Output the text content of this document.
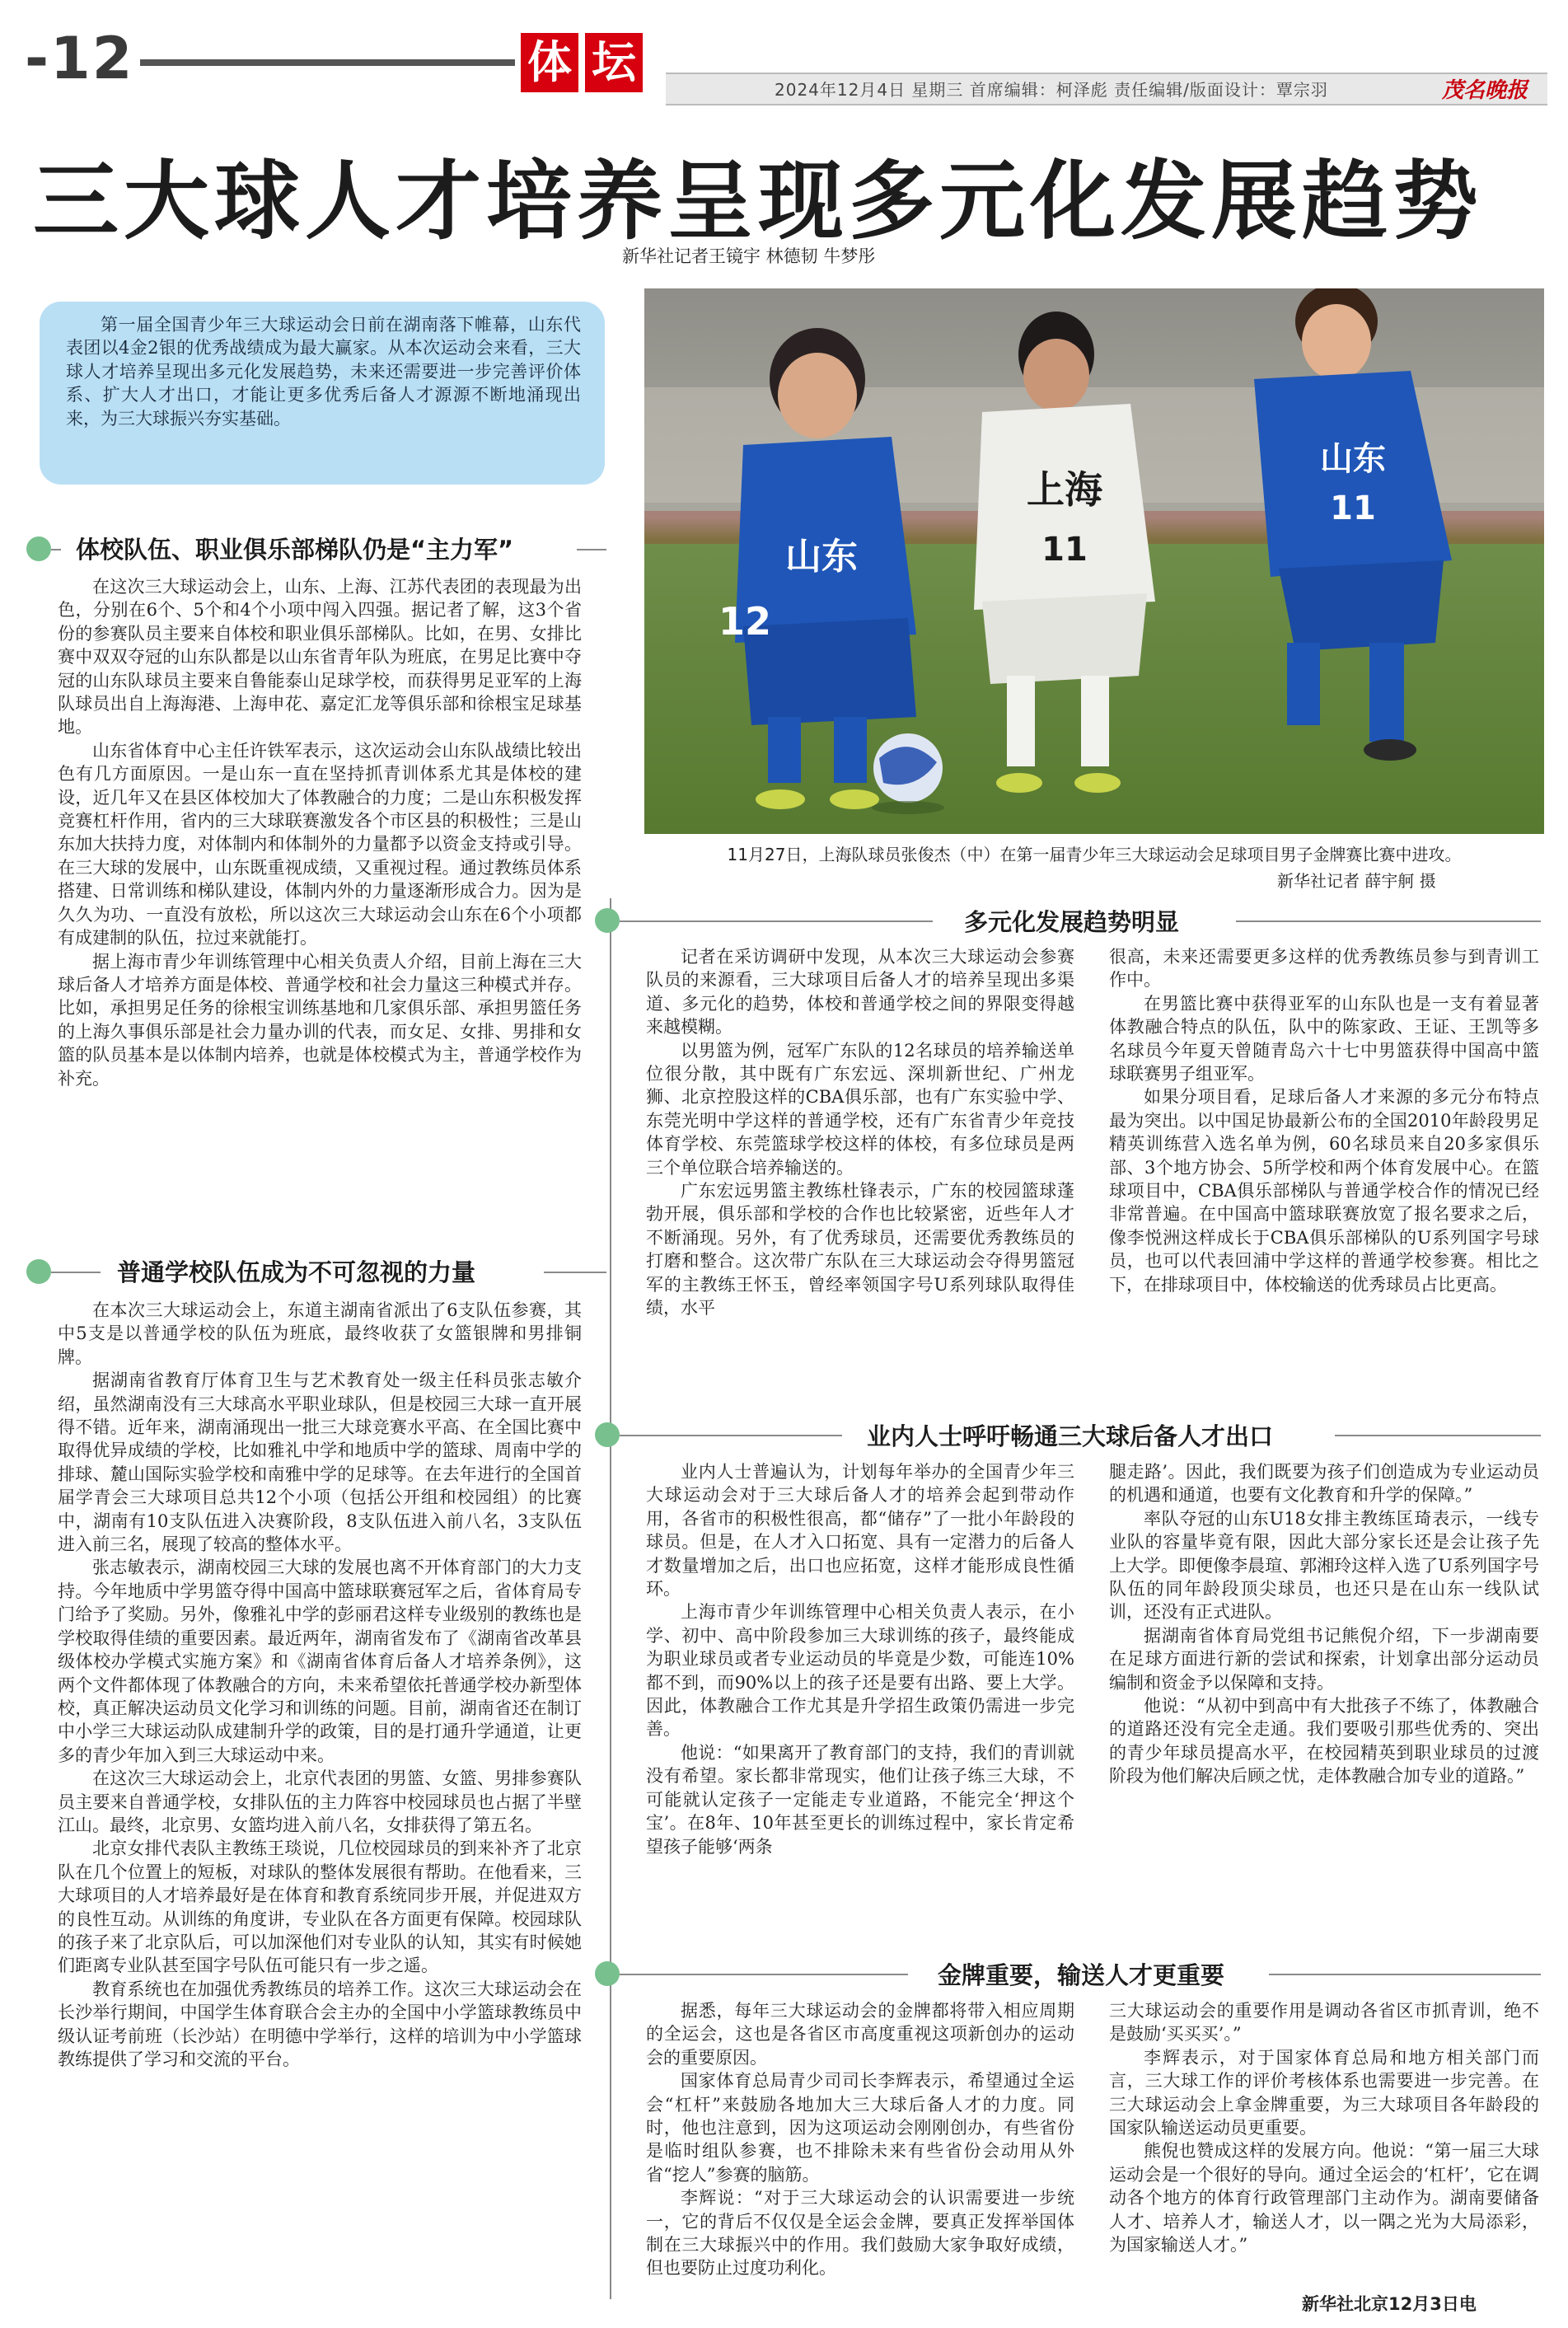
-12	体 坛
2024年12月4日 星期三 首席编辑：柯泽彪 责任编辑/版面设计：覃宗羽	茂名晚报
三大球人才培养呈现多元化发展趋势
新华社记者王镜宇 林德韧 牛梦彤
第一届全国青少年三大球运动会日前在湖南落下帷幕，山东代表团以4金2银的优秀战绩成为最大赢家。从本次运动会来看，三大球人才培养呈现出多元化发展趋势，未来还需要进一步完善评价体系、扩大人才出口，才能让更多优秀后备人才源源不断地涌现出来，为三大球振兴夯实基础。
山东
12
上海
11
山东
11
11月27日，上海队球员张俊杰（中）在第一届青少年三大球运动会足球项目男子金牌赛比赛中进攻。
新华社记者 薛宇舸 摄
体校队伍、职业俱乐部梯队仍是“主力军”

在这次三大球运动会上，山东、上海、江苏代表团的表现最为出色，分别在6个、5个和4个小项中闯入四强。据记者了解，这3个省份的参赛队员主要来自体校和职业俱乐部梯队。比如，在男、女排比赛中双双夺冠的山东队都是以山东省青年队为班底，在男足比赛中夺冠的山东队球员主要来自鲁能泰山足球学校，而获得男足亚军的上海队球员出自上海海港、上海申花、嘉定汇龙等俱乐部和徐根宝足球基地。

山东省体育中心主任许铁军表示，这次运动会山东队战绩比较出色有几方面原因。一是山东一直在坚持抓青训体系尤其是体校的建设，近几年又在县区体校加大了体教融合的力度；二是山东积极发挥竞赛杠杆作用，省内的三大球联赛激发各个市区县的积极性；三是山东加大扶持力度，对体制内和体制外的力量都予以资金支持或引导。在三大球的发展中，山东既重视成绩，又重视过程。通过教练员体系搭建、日常训练和梯队建设，体制内外的力量逐渐形成合力。因为是久久为功、一直没有放松，所以这次三大球运动会山东在6个小项都有成建制的队伍，拉过来就能打。

据上海市青少年训练管理中心相关负责人介绍，目前上海在三大球后备人才培养方面是体校、普通学校和社会力量这三种模式并存。比如，承担男足任务的徐根宝训练基地和几家俱乐部、承担男篮任务的上海久事俱乐部是社会力量办训的代表，而女足、女排、男排和女篮的队员基本是以体制内培养，也就是体校模式为主，普通学校作为补充。

普通学校队伍成为不可忽视的力量

在本次三大球运动会上，东道主湖南省派出了6支队伍参赛，其中5支是以普通学校的队伍为班底，最终收获了女篮银牌和男排铜牌。

据湖南省教育厅体育卫生与艺术教育处一级主任科员张志敏介绍，虽然湖南没有三大球高水平职业球队，但是校园三大球一直开展得不错。近年来，湖南涌现出一批三大球竞赛水平高、在全国比赛中取得优异成绩的学校，比如雅礼中学和地质中学的篮球、周南中学的排球、麓山国际实验学校和南雅中学的足球等。在去年进行的全国首届学青会三大球项目总共12个小项（包括公开组和校园组）的比赛中，湖南有10支队伍进入决赛阶段，8支队伍进入前八名，3支队伍进入前三名，展现了较高的整体水平。

张志敏表示，湖南校园三大球的发展也离不开体育部门的大力支持。今年地质中学男篮夺得中国高中篮球联赛冠军之后，省体育局专门给予了奖励。另外，像雅礼中学的彭丽君这样专业级别的教练也是学校取得佳绩的重要因素。最近两年，湖南省发布了《湖南省改革县级体校办学模式实施方案》和《湖南省体育后备人才培养条例》，这两个文件都体现了体教融合的方向，未来希望依托普通学校办新型体校，真正解决运动员文化学习和训练的问题。目前，湖南省还在制订中小学三大球运动队成建制升学的政策，目的是打通升学通道，让更多的青少年加入到三大球运动中来。

在这次三大球运动会上，北京代表团的男篮、女篮、男排参赛队员主要来自普通学校，女排队伍的主力阵容中校园球员也占据了半壁江山。最终，北京男、女篮均进入前八名，女排获得了第五名。

北京女排代表队主教练王琰说，几位校园球员的到来补齐了北京队在几个位置上的短板，对球队的整体发展很有帮助。在他看来，三大球项目的人才培养最好是在体育和教育系统同步开展，并促进双方的良性互动。从训练的角度讲，专业队在各方面更有保障。校园球队的孩子来了北京队后，可以加深他们对专业队的认知，其实有时候她们距离专业队甚至国字号队伍可能只有一步之遥。

教育系统也在加强优秀教练员的培养工作。这次三大球运动会在长沙举行期间，中国学生体育联合会主办的全国中小学篮球教练员中级认证考前班（长沙站）在明德中学举行，这样的培训为中小学篮球教练提供了学习和交流的平台。

多元化发展趋势明显

记者在采访调研中发现，从本次三大球运动会参赛队员的来源看，三大球项目后备人才的培养呈现出多渠道、多元化的趋势，体校和普通学校之间的界限变得越来越模糊。

以男篮为例，冠军广东队的12名球员的培养输送单位很分散，其中既有广东宏远、深圳新世纪、广州龙狮、北京控股这样的CBA俱乐部，也有广东实验中学、东莞光明中学这样的普通学校，还有广东省青少年竞技体育学校、东莞篮球学校这样的体校，有多位球员是两三个单位联合培养输送的。

广东宏远男篮主教练杜锋表示，广东的校园篮球蓬勃开展，俱乐部和学校的合作也比较紧密，近些年人才不断涌现。另外，有了优秀球员，还需要优秀教练员的打磨和整合。这次带广东队在三大球运动会夺得男篮冠军的主教练王怀玉，曾经率领国字号U系列球队取得佳绩，水平

很高，未来还需要更多这样的优秀教练员参与到青训工作中。

在男篮比赛中获得亚军的山东队也是一支有着显著体教融合特点的队伍，队中的陈家政、王证、王凯等多名球员今年夏天曾随青岛六十七中男篮获得中国高中篮球联赛男子组亚军。

如果分项目看，足球后备人才来源的多元分布特点最为突出。以中国足协最新公布的全国2010年龄段男足精英训练营入选名单为例，60名球员来自20多家俱乐部、3个地方协会、5所学校和两个体育发展中心。在篮球项目中，CBA俱乐部梯队与普通学校合作的情况已经非常普遍。在中国高中篮球联赛放宽了报名要求之后，像李悦洲这样成长于CBA俱乐部梯队的U系列国字号球员，也可以代表回浦中学这样的普通学校参赛。相比之下，在排球项目中，体校输送的优秀球员占比更高。

业内人士呼吁畅通三大球后备人才出口

业内人士普遍认为，计划每年举办的全国青少年三大球运动会对于三大球后备人才的培养会起到带动作用，各省市的积极性很高，都“储存”了一批小年龄段的球员。但是，在人才入口拓宽、具有一定潜力的后备人才数量增加之后，出口也应拓宽，这样才能形成良性循环。

上海市青少年训练管理中心相关负责人表示，在小学、初中、高中阶段参加三大球训练的孩子，最终能成为职业球员或者专业运动员的毕竟是少数，可能连10%都不到，而90%以上的孩子还是要有出路、要上大学。因此，体教融合工作尤其是升学招生政策仍需进一步完善。

他说：“如果离开了教育部门的支持，我们的青训就没有希望。家长都非常现实，他们让孩子练三大球，不可能就认定孩子一定能走专业道路，不能完全‘押这个宝’。在8年、10年甚至更长的训练过程中，家长肯定希望孩子能够‘两条

腿走路’。因此，我们既要为孩子们创造成为专业运动员的机遇和通道，也要有文化教育和升学的保障。”

率队夺冠的山东U18女排主教练匡琦表示，一线专业队的容量毕竟有限，因此大部分家长还是会让孩子先上大学。即便像李晨瑄、郭湘玲这样入选了U系列国字号队伍的同年龄段顶尖球员，也还只是在山东一线队试训，还没有正式进队。

据湖南省体育局党组书记熊倪介绍，下一步湖南要在足球方面进行新的尝试和探索，计划拿出部分运动员编制和资金予以保障和支持。

他说：“从初中到高中有大批孩子不练了，体教融合的道路还没有完全走通。我们要吸引那些优秀的、突出的青少年球员提高水平，在校园精英到职业球员的过渡阶段为他们解决后顾之忧，走体教融合加专业的道路。”

金牌重要，输送人才更重要

据悉，每年三大球运动会的金牌都将带入相应周期的全运会，这也是各省区市高度重视这项新创办的运动会的重要原因。

国家体育总局青少司司长李辉表示，希望通过全运会“杠杆”来鼓励各地加大三大球后备人才的力度。同时，他也注意到，因为这项运动会刚刚创办，有些省份是临时组队参赛，也不排除未来有些省份会动用从外省“挖人”参赛的脑筋。

李辉说：“对于三大球运动会的认识需要进一步统一，它的背后不仅仅是全运会金牌，要真正发挥举国体制在三大球振兴中的作用。我们鼓励大家争取好成绩，但也要防止过度功利化。

三大球运动会的重要作用是调动各省区市抓青训，绝不是鼓励‘买买买’。”

李辉表示，对于国家体育总局和地方相关部门而言，三大球工作的评价考核体系也需要进一步完善。在三大球运动会上拿金牌重要，为三大球项目各年龄段的国家队输送运动员更重要。

熊倪也赞成这样的发展方向。他说：“第一届三大球运动会是一个很好的导向。通过全运会的‘杠杆’，它在调动各个地方的体育行政管理部门主动作为。湖南要储备人才、培养人才，输送人才，以一隅之光为大局添彩，为国家输送人才。”

新华社北京12月3日电
